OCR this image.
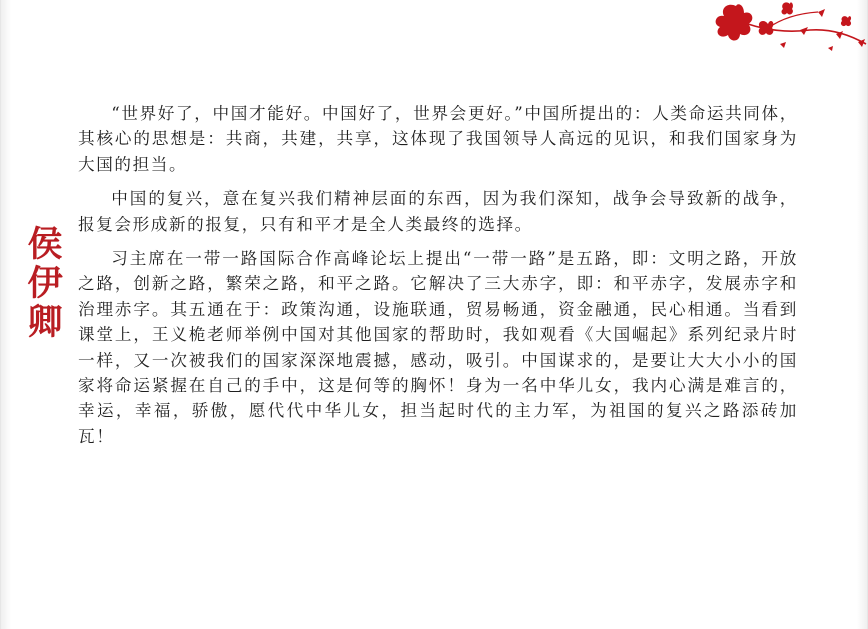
侯伊卿

“世界好了，中国才能好。中国好了，世界会更好。”中国所提出的：人类命运共同体，其核心的思想是：共商，共建，共享，这体现了我国领导人高远的见识，和我们国家身为大国的担当。

中国的复兴，意在复兴我们精神层面的东西，因为我们深知，战争会导致新的战争，报复会形成新的报复，只有和平才是全人类最终的选择。

习主席在一带一路国际合作高峰论坛上提出“一带一路”是五路，即：文明之路，开放之路，创新之路，繁荣之路，和平之路。它解决了三大赤字，即：和平赤字，发展赤字和治理赤字。其五通在于：政策沟通，设施联通，贸易畅通，资金融通，民心相通。当看到课堂上，王义桅老师举例中国对其他国家的帮助时，我如观看《大国崛起》系列纪录片时一样，又一次被我们的国家深深地震撼，感动，吸引。中国谋求的，是要让大大小小的国家将命运紧握在自己的手中，这是何等的胸怀！身为一名中华儿女，我内心满是难言的，幸运，幸福，骄傲，愿代代中华儿女，担当起时代的主力军，为祖国的复兴之路添砖加瓦！
